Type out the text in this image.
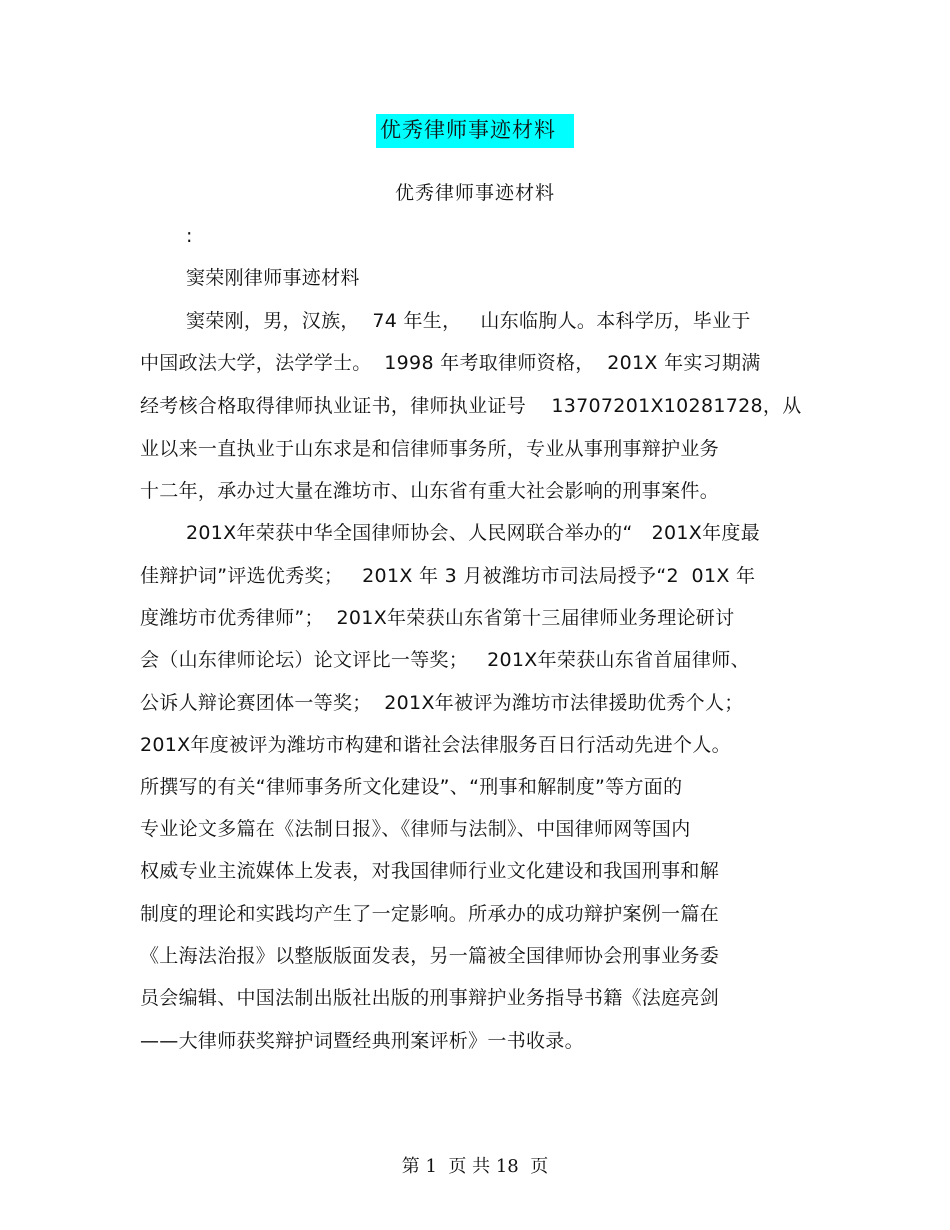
优秀律师事迹材料
优秀律师事迹材料
:
窦荣刚律师事迹材料
窦荣刚，男，汉族，  74 年生，   山东临朐人。本科学历，毕业于
中国政法大学，法学学士。  1998 年考取律师资格，  201X 年实习期满
经考核合格取得律师执业证书，律师执业证号    13707201X10281728，从
业以来一直执业于山东求是和信律师事务所，专业从事刑事辩护业务
十二年，承办过大量在潍坊市、山东省有重大社会影响的刑事案件。
201X年荣获中华全国律师协会、人民网联合举办的“   201X年度最
佳辩护词”评选优秀奖；   201X 年 3 月被潍坊市司法局授予“2  01X 年
度潍坊市优秀律师”；  201X年荣获山东省第十三届律师业务理论研讨
会（山东律师论坛）论文评比一等奖；   201X年荣获山东省首届律师、
公诉人辩论赛团体一等奖；  201X年被评为潍坊市法律援助优秀个人；
201X年度被评为潍坊市构建和谐社会法律服务百日行活动先进个人。
所撰写的有关“律师事务所文化建设”、“刑事和解制度”等方面的
专业论文多篇在《法制日报》、《律师与法制》、中国律师网等国内
权威专业主流媒体上发表，对我国律师行业文化建设和我国刑事和解
制度的理论和实践均产生了一定影响。所承办的成功辩护案例一篇在
《上海法治报》以整版版面发表，另一篇被全国律师协会刑事业务委
员会编辑、中国法制出版社出版的刑事辩护业务指导书籍《法庭亮剑
——大律师获奖辩护词暨经典刑案评析》一书收录。
第 1  页 共 18  页
